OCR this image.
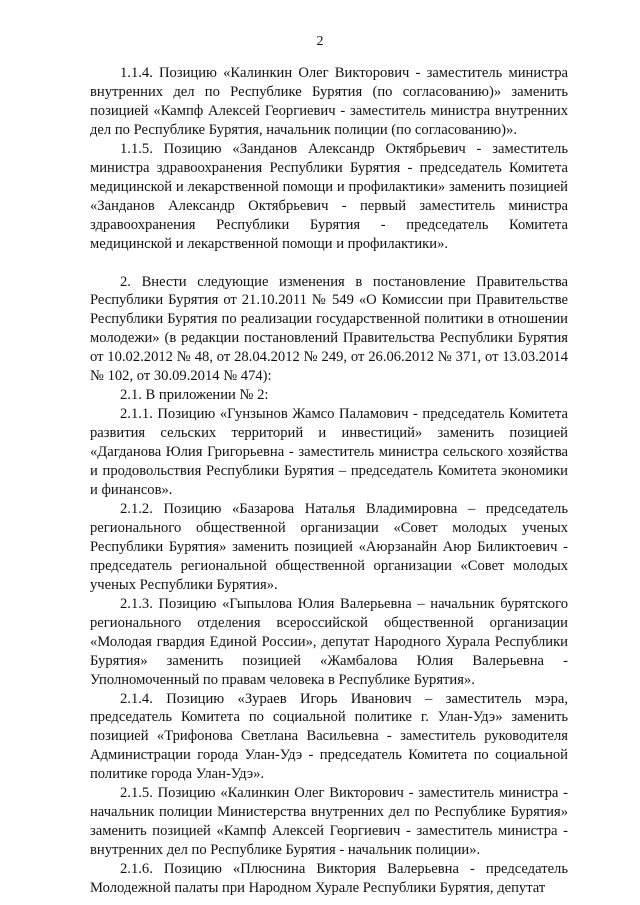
2

1.1.4. Позицию «Калинкин Олег Викторович - заместитель министра внутренних дел по Республике Бурятия (по согласованию)» заменить позицией «Кампф Алексей Георгиевич - заместитель министра внутренних дел по Республике Бурятия, начальник полиции (по согласованию)».

1.1.5. Позицию «Занданов Александр Октябрьевич - заместитель министра здравоохранения Республики Бурятия - председатель Комитета медицинской и лекарственной помощи и профилактики» заменить позицией «Занданов Александр Октябрьевич - первый заместитель министра здравоохранения Республики Бурятия - председатель Комитета медицинской и лекарственной помощи и профилактики».

2. Внести следующие изменения в постановление Правительства Республики Бурятия от 21.10.2011 № 549 «О Комиссии при Правительстве Республики Бурятия по реализации государственной политики в отношении молодежи» (в редакции постановлений Правительства Республики Бурятия от 10.02.2012 № 48, от 28.04.2012 № 249, от 26.06.2012 № 371, от 13.03.2014 № 102, от 30.09.2014 № 474):

2.1. В приложении № 2:

2.1.1. Позицию «Гунзынов Жамсо Паламович - председатель Комитета развития сельских территорий и инвестиций» заменить позицией «Дагданова Юлия Григорьевна - заместитель министра сельского хозяйства и продовольствия Республики Бурятия – председатель Комитета экономики и финансов».

2.1.2. Позицию «Базарова Наталья Владимировна – председатель регионального общественной организации «Совет молодых ученых Республики Бурятия» заменить позицией «Аюрзанайн Аюр Биликтоевич - председатель региональной общественной организации «Совет молодых ученых Республики Бурятия».

2.1.3. Позицию «Гыпылова Юлия Валерьевна – начальник бурятского регионального отделения всероссийской общественной организации «Молодая гвардия Единой России», депутат Народного Хурала Республики Бурятия» заменить позицией «Жамбалова Юлия Валерьевна - Уполномоченный по правам человека в Республике Бурятия».

2.1.4. Позицию «Зураев Игорь Иванович – заместитель мэра, председатель Комитета по социальной политике г. Улан-Удэ» заменить позицией «Трифонова Светлана Васильевна - заместитель руководителя Администрации города Улан-Удэ - председатель Комитета по социальной политике города Улан-Удэ».

2.1.5. Позицию «Калинкин Олег Викторович - заместитель министра - начальник полиции Министерства внутренних дел по Республике Бурятия» заменить позицией «Кампф Алексей Георгиевич - заместитель министра - внутренних дел по Республике Бурятия - начальник полиции».

2.1.6. Позицию «Плюснина Виктория Валерьевна - председатель Молодежной палаты при Народном Хурале Республики Бурятия, депутат
